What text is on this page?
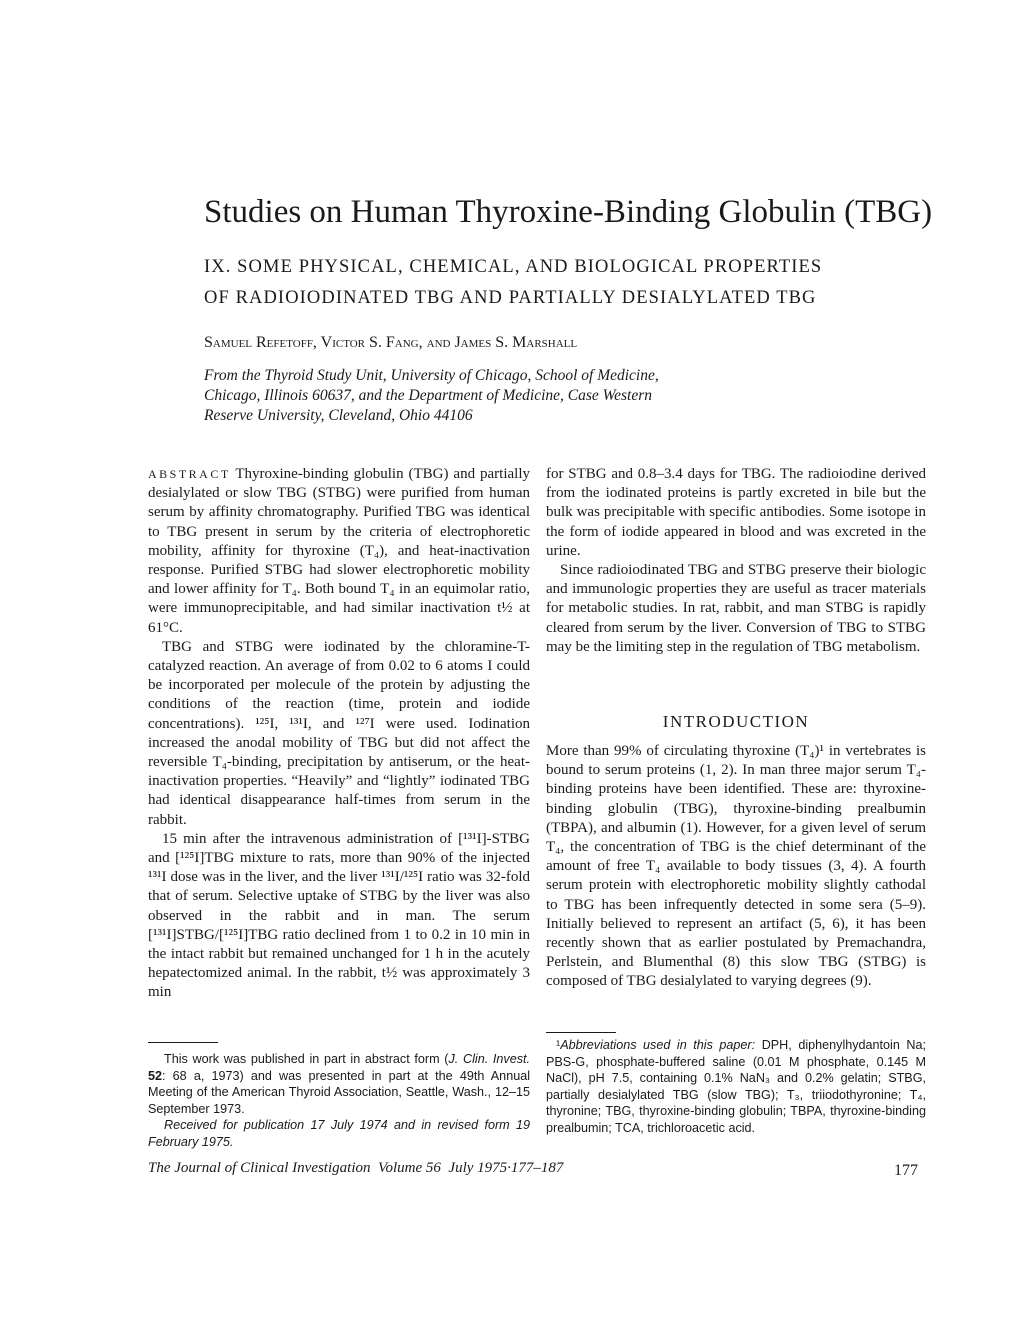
Studies on Human Thyroxine-Binding Globulin (TBG)
IX. SOME PHYSICAL, CHEMICAL, AND BIOLOGICAL PROPERTIES
OF RADIOIODINATED TBG AND PARTIALLY DESIALYLATED TBG
Samuel Refetoff, Victor S. Fang, and James S. Marshall
From the Thyroid Study Unit, University of Chicago, School of Medicine,
Chicago, Illinois 60637, and the Department of Medicine, Case Western
Reserve University, Cleveland, Ohio 44106

ABSTRACT Thyroxine-binding globulin (TBG) and partially desialylated or slow TBG (STBG) were purified from human serum by affinity chromatography. Purified TBG was identical to TBG present in serum by the criteria of electrophoretic mobility, affinity for thyroxine (T₄), and heat-inactivation response. Purified STBG had slower electrophoretic mobility and lower affinity for T₄. Both bound T₄ in an equimolar ratio, were immunoprecipitable, and had similar inactivation t½ at 61°C.

TBG and STBG were iodinated by the chloramine-T-catalyzed reaction. An average of from 0.02 to 6 atoms I could be incorporated per molecule of the protein by adjusting the conditions of the reaction (time, protein and iodide concentrations). ¹²⁵I, ¹³¹I, and ¹²⁷I were used. Iodination increased the anodal mobility of TBG but did not affect the reversible T₄-binding, precipitation by antiserum, or the heat-inactivation properties. “Heavily” and “lightly” iodinated TBG had identical disappearance half-times from serum in the rabbit.

15 min after the intravenous administration of [¹³¹I]-STBG and [¹²⁵I]TBG mixture to rats, more than 90% of the injected ¹³¹I dose was in the liver, and the liver ¹³¹I/¹²⁵I ratio was 32-fold that of serum. Selective uptake of STBG by the liver was also observed in the rabbit and in man. The serum [¹³¹I]STBG/[¹²⁵I]TBG ratio declined from 1 to 0.2 in 10 min in the intact rabbit but remained unchanged for 1 h in the acutely hepatectomized animal. In the rabbit, t½ was approximately 3 min

for STBG and 0.8–3.4 days for TBG. The radioiodine derived from the iodinated proteins is partly excreted in bile but the bulk was precipitable with specific antibodies. Some isotope in the form of iodide appeared in blood and was excreted in the urine.

Since radioiodinated TBG and STBG preserve their biologic and immunologic properties they are useful as tracer materials for metabolic studies. In rat, rabbit, and man STBG is rapidly cleared from serum by the liver. Conversion of TBG to STBG may be the limiting step in the regulation of TBG metabolism.

INTRODUCTION

More than 99% of circulating thyroxine (T₄)¹ in vertebrates is bound to serum proteins (1, 2). In man three major serum T₄-binding proteins have been identified. These are: thyroxine-binding globulin (TBG), thyroxine-binding prealbumin (TBPA), and albumin (1). However, for a given level of serum T₄, the concentration of TBG is the chief determinant of the amount of free T₄ available to body tissues (3, 4). A fourth serum protein with electrophoretic mobility slightly cathodal to TBG has been infrequently detected in some sera (5–9). Initially believed to represent an artifact (5, 6), it has been recently shown that as earlier postulated by Premachandra, Perlstein, and Blumenthal (8) this slow TBG (STBG) is composed of TBG desialylated to varying degrees (9).

This work was published in part in abstract form (J. Clin. Invest. 52: 68 a, 1973) and was presented in part at the 49th Annual Meeting of the American Thyroid Association, Seattle, Wash., 12–15 September 1973.

Received for publication 17 July 1974 and in revised form 19 February 1975.

¹Abbreviations used in this paper: DPH, diphenylhydantoin Na; PBS-G, phosphate-buffered saline (0.01 M phosphate, 0.145 M NaCl), pH 7.5, containing 0.1% NaN₃ and 0.2% gelatin; STBG, partially desialylated TBG (slow TBG); T₃, triiodothyronine; T₄, thyronine; TBG, thyroxine-binding globulin; TBPA, thyroxine-binding prealbumin; TCA, trichloroacetic acid.

The Journal of Clinical Investigation Volume 56 July 1975·177–187	177
